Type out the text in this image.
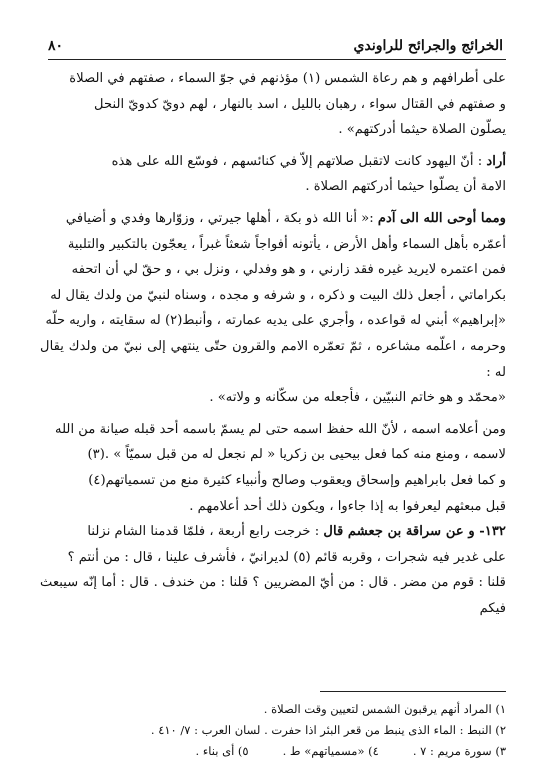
الخرائج والجرائح للراوندي
٨٠

على أطرافهم و هم رعاة الشمس (١) مؤذنهم في جوّ السماء ، صفتهم في الصلاة

و صفتهم في القتال سواء ، رهبان بالليل ، اسد بالنهار ، لهم دويّ كدويّ النحل

يصلّون الصلاة حيثما أدركتهم» .

أراد : أنّ اليهود كانت لاتقبل صلاتهم إلاّ في كنائسهم ، فوسّع الله على هذه

الامة أن يصلّوا حيثما أدركتهم الصلاة .

ومما أوحى الله الى آدم :« أنا الله ذو بكة ، أهلها جيرتي ، وزوّارها وفدي و أضيافي

أعمّره بأهل السماء وأهل الأرض ، يأتونه أفواجاً شعثاً غبراً ، يعجّون بالتكبير والتلبية

فمن اعتمره لايريد غيره فقد زارني ، و هو وفدلي ، ونزل بي ، و حقّ لي أن اتحفه

بكراماتي ، أجعل ذلك البيت و ذكره ، و شرفه و مجده ، وسناه لنبيّ من ولدك يقال له

«إبراهيم» أبني له قواعده ، وأجري على يديه عمارته ، وأنبط(٢) له سقايته ، واريه حلّه

وحرمه ، اعلّمه مشاعره ، ثمّ تعمّره الامم والقرون حتّى ينتهي إلى نبيّ من ولدك يقال له :

«محمّد و هو خاتم النبيّين ، فأجعله من سكّانه و ولاته» .

ومن أعلامه اسمه ، لأنّ الله حفظ اسمه حتى لم يسمّ باسمه أحد قبله صيانة من الله

لاسمه ، ومنع منه كما فعل بيحيى بن زكريا « لم نجعل له من قبل سميّاً » .(٣)

و كما فعل بابراهيم وإسحاق ويعقوب وصالح وأنبياء كثيرة منع من تسمياتهم(٤)

قبل مبعثهم ليعرفوا به إذا جاءوا ، ويكون ذلك أحد أعلامهم .

١٣٢- و عن سراقة بن جعشم قال : خرجت رابع أربعة ، فلمّا قدمنا الشام نزلنا

على غدير فيه شجرات ، وقربه قائم (٥) لديرانيّ ، فأشرف علينا ، قال : من أنتم ؟

قلنا : قوم من مضر . قال : من أيّ المضريين ؟ قلنا : من خندف . قال : أما إنّه سيبعث فيكم

١) المراد أنهم يرقبون الشمس لتعيين وقت الصلاة .

٢) النبط : الماء الذى ينبط من قعر البئر اذا حفرت . لسان العرب : ٧/ ٤١٠ .

٣) سورة مريم : ٧ .
٤) «مسمياتهم» ط .
٥) أى بناء .
